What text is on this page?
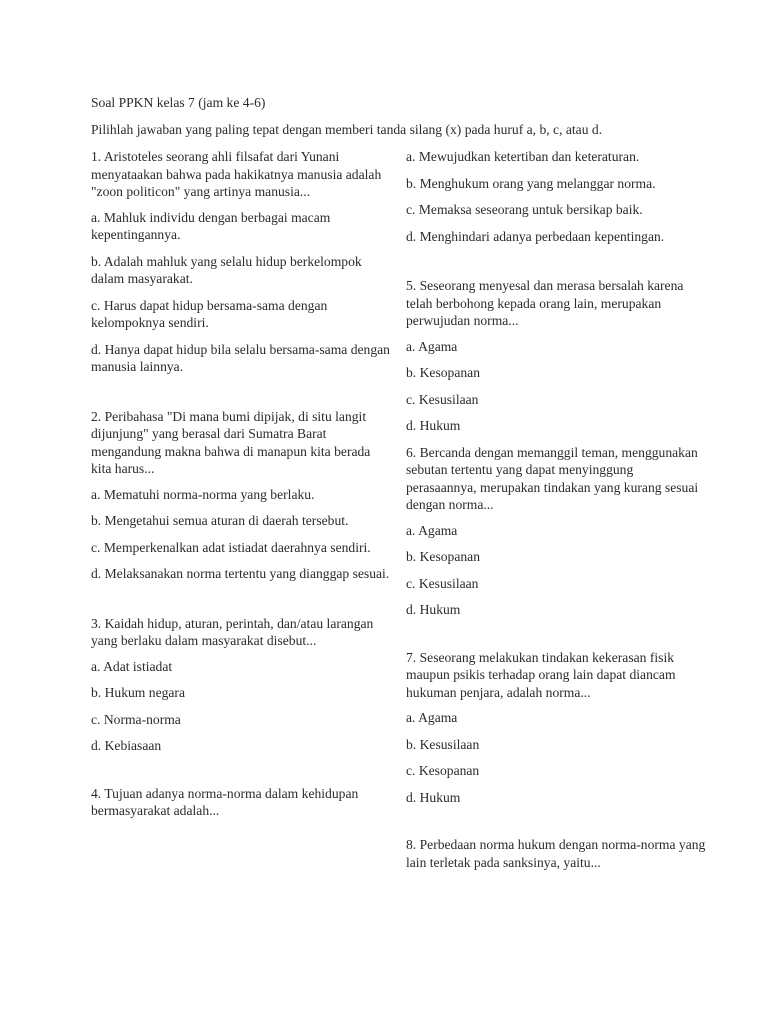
Soal PPKN kelas 7 (jam ke 4-6)
Pilihlah jawaban yang paling tepat dengan memberi tanda silang (x) pada huruf a, b, c, atau d.

1. Aristoteles seorang ahli filsafat dari Yunani menyataakan bahwa pada hakikatnya manusia adalah "zoon politicon" yang artinya manusia...

a. Mahluk individu dengan berbagai macam kepentingannya.

b. Adalah mahluk yang selalu hidup berkelompok dalam masyarakat.

c. Harus dapat hidup bersama-sama dengan kelompoknya sendiri.

d. Hanya dapat hidup bila selalu bersama-sama dengan manusia lainnya.

2. Peribahasa "Di mana bumi dipijak, di situ langit dijunjung" yang berasal dari Sumatra Barat mengandung makna bahwa di manapun kita berada kita harus...

a. Mematuhi norma-norma yang berlaku.

b. Mengetahui semua aturan di daerah tersebut.

c. Memperkenalkan adat istiadat daerahnya sendiri.

d. Melaksanakan norma tertentu yang dianggap sesuai.

3. Kaidah hidup, aturan, perintah, dan/atau larangan yang berlaku dalam masyarakat disebut...

a. Adat istiadat

b. Hukum negara

c. Norma-norma

d. Kebiasaan

4. Tujuan adanya norma-norma dalam kehidupan bermasyarakat adalah...

a. Mewujudkan ketertiban dan keteraturan.

b. Menghukum orang yang melanggar norma.

c. Memaksa seseorang untuk bersikap baik.

d. Menghindari adanya perbedaan kepentingan.

5. Seseorang menyesal dan merasa bersalah karena telah berbohong kepada orang lain, merupakan perwujudan norma...

a. Agama

b. Kesopanan

c. Kesusilaan

d. Hukum

6. Bercanda dengan memanggil teman, menggunakan sebutan tertentu yang dapat menyinggung perasaannya, merupakan tindakan yang kurang sesuai dengan norma...

a. Agama

b. Kesopanan

c. Kesusilaan

d. Hukum

7. Seseorang melakukan tindakan kekerasan fisik maupun psikis terhadap orang lain dapat diancam hukuman penjara, adalah norma...

a. Agama

b. Kesusilaan

c. Kesopanan

d. Hukum

8. Perbedaan norma hukum dengan norma-norma yang lain terletak pada sanksinya, yaitu...
